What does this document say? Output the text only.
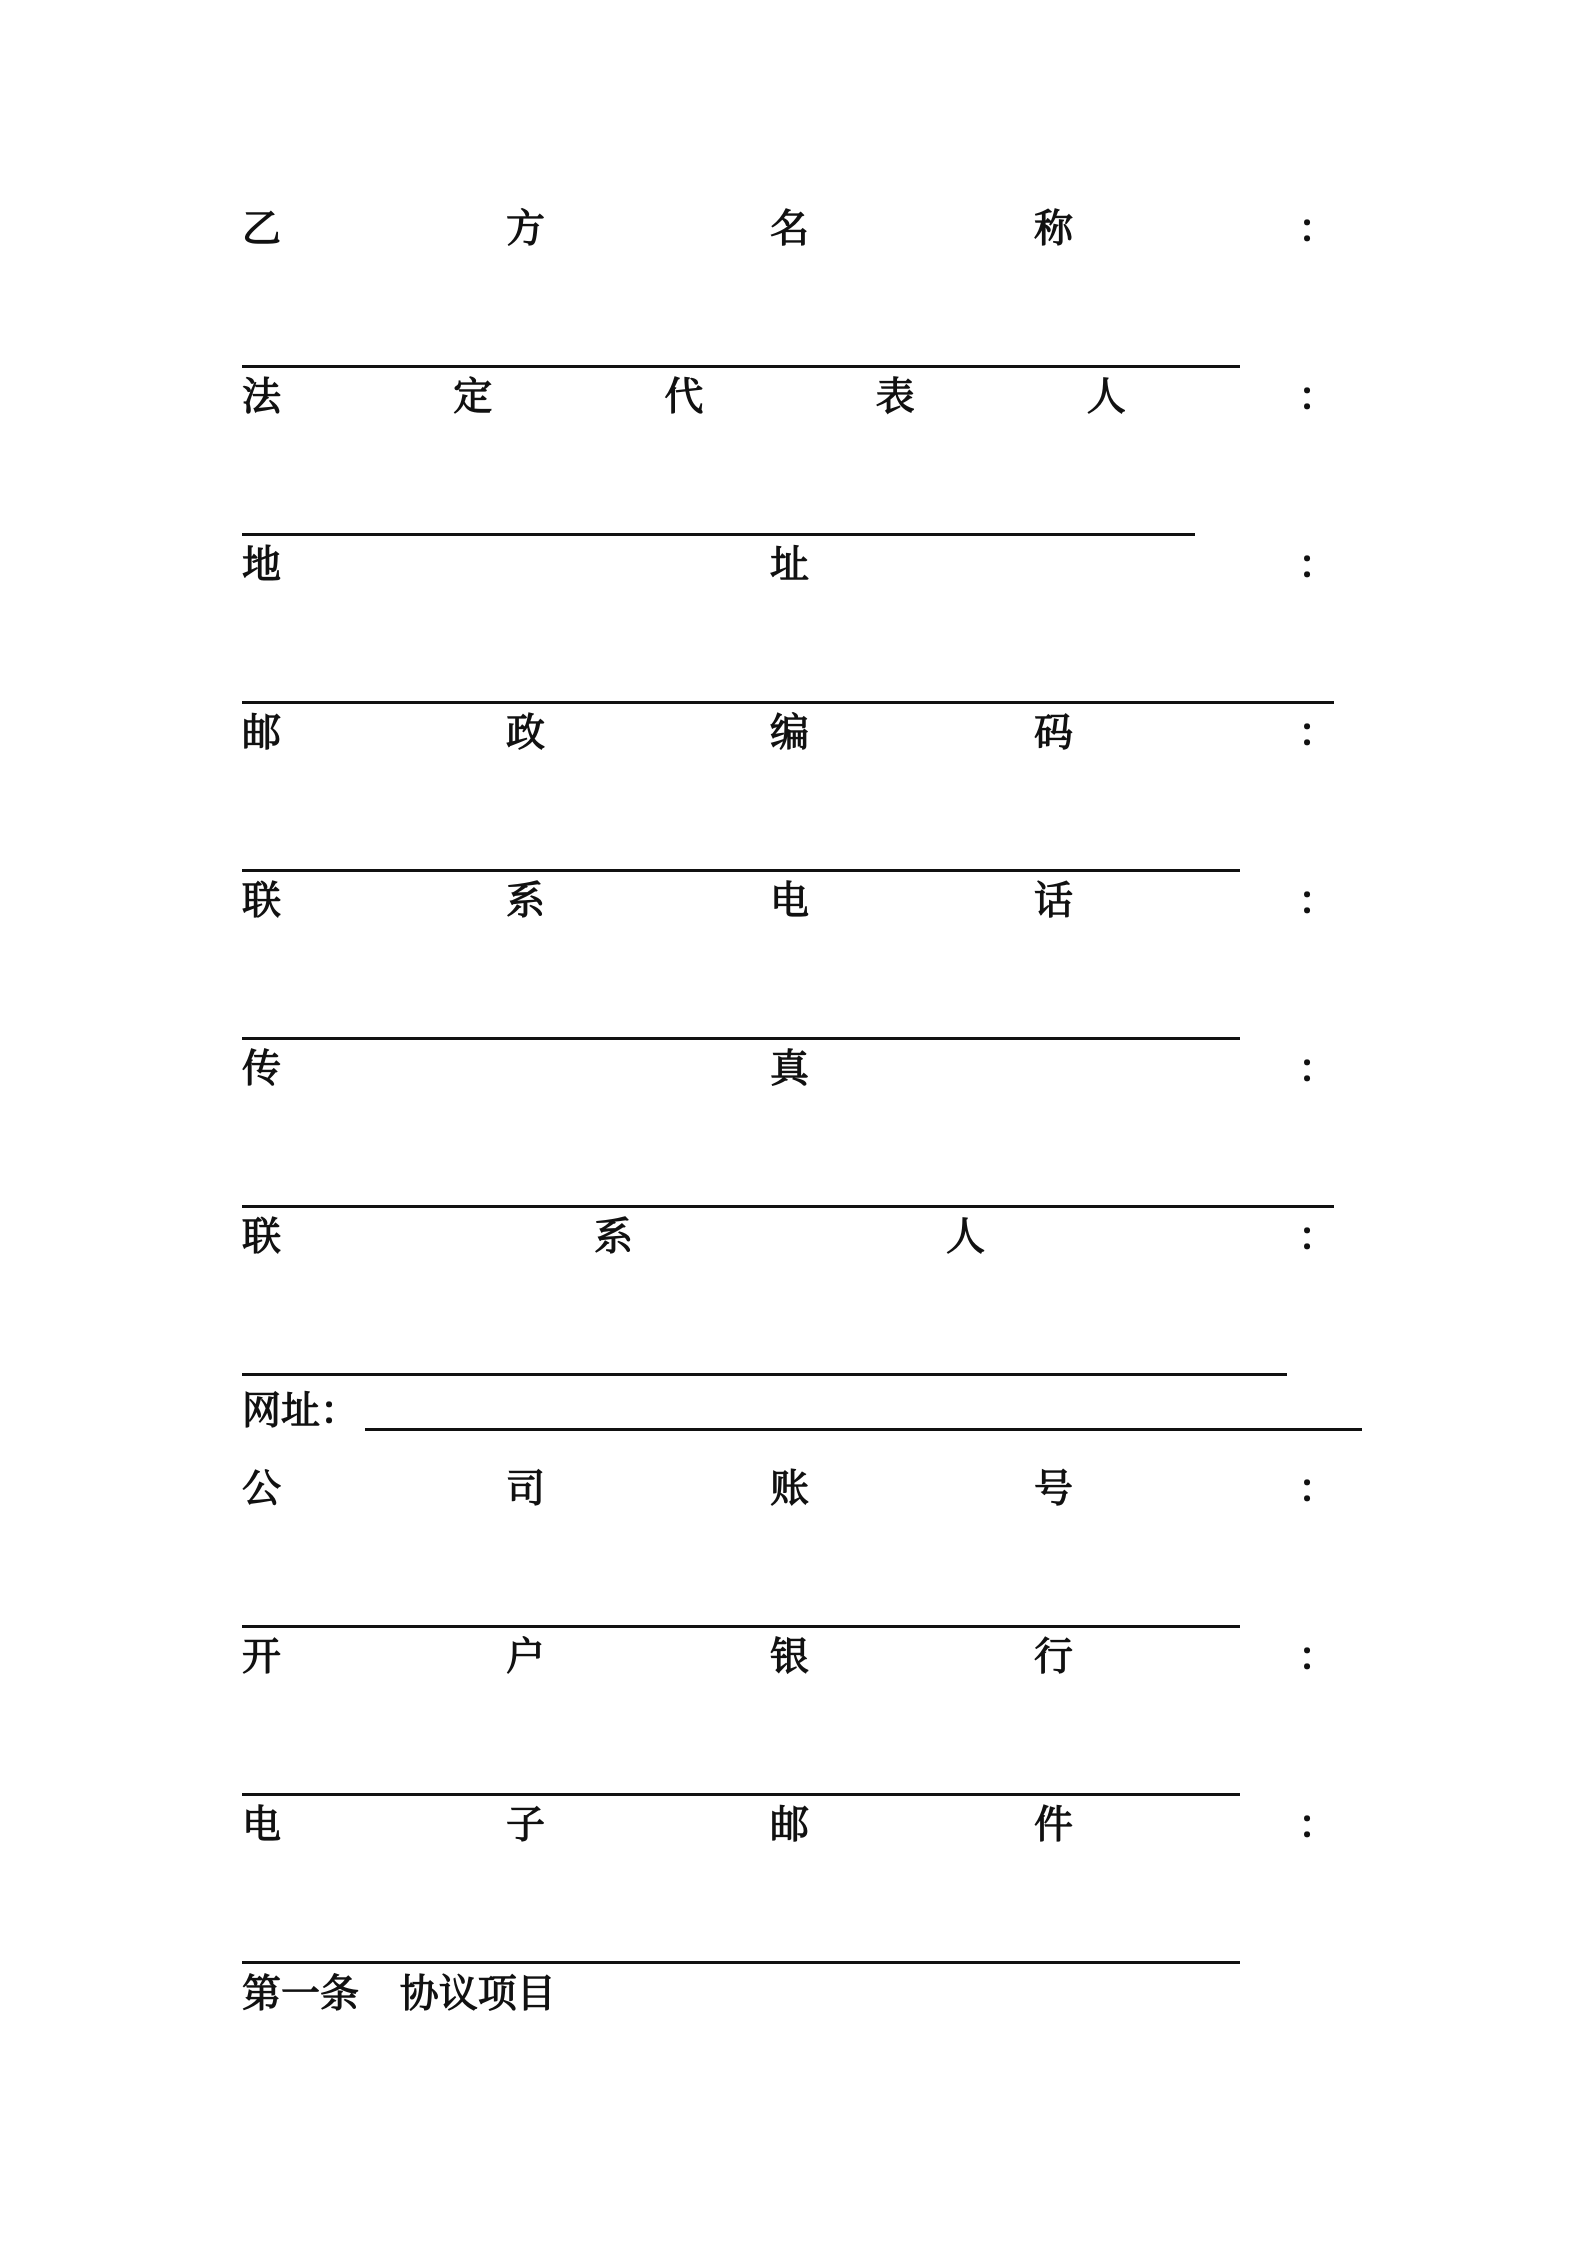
乙	方	名	称	：
法	定	代	表	人	：
地	址	：
邮	政	编	码	：
联	系	电	话	：
传	真	：
联	系	人	：
网址：
公	司	账	号	：
开	户	银	行	：
电	子	邮	件	：
第一条   协议项目
